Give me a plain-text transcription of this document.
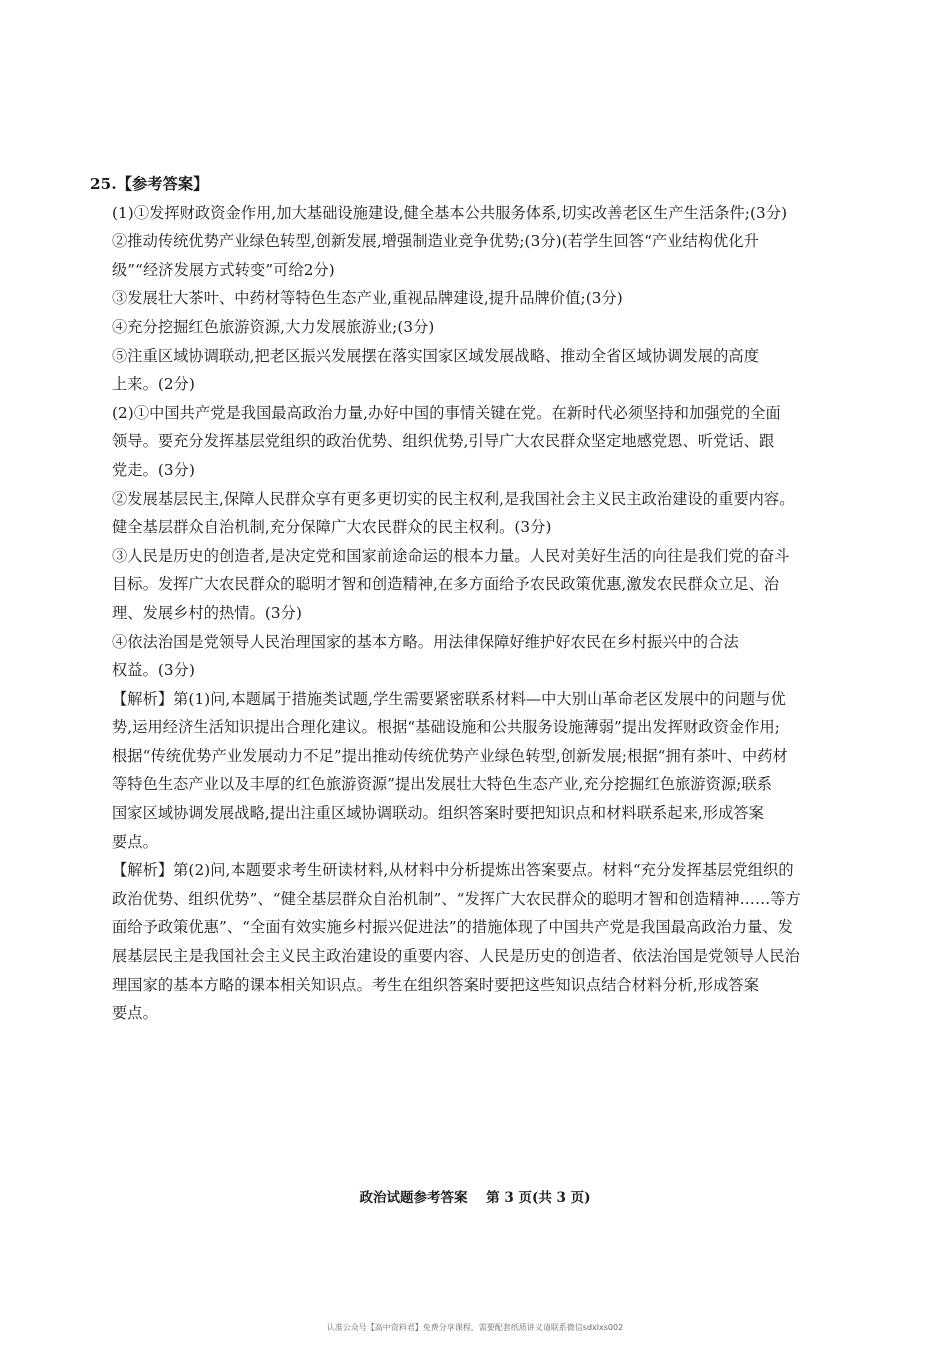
25.【参考答案】
(1)①发挥财政资金作用,加大基础设施建设,健全基本公共服务体系,切实改善老区生产生活条件;(3分)
②推动传统优势产业绿色转型,创新发展,增强制造业竞争优势;(3分)(若学生回答“产业结构优化升
级”“经济发展方式转变”可给2分)
③发展壮大茶叶、中药材等特色生态产业,重视品牌建设,提升品牌价值;(3分)
④充分挖掘红色旅游资源,大力发展旅游业;(3分)
⑤注重区域协调联动,把老区振兴发展摆在落实国家区域发展战略、推动全省区域协调发展的高度
上来。(2分)
(2)①中国共产党是我国最高政治力量,办好中国的事情关键在党。在新时代必须坚持和加强党的全面
领导。要充分发挥基层党组织的政治优势、组织优势,引导广大农民群众坚定地感党恩、听党话、跟
党走。(3分)
②发展基层民主,保障人民群众享有更多更切实的民主权利,是我国社会主义民主政治建设的重要内容。
健全基层群众自治机制,充分保障广大农民群众的民主权利。(3分)
③人民是历史的创造者,是决定党和国家前途命运的根本力量。人民对美好生活的向往是我们党的奋斗
目标。发挥广大农民群众的聪明才智和创造精神,在多方面给予农民政策优惠,激发农民群众立足、治
理、发展乡村的热情。(3分)
④依法治国是党领导人民治理国家的基本方略。用法律保障好维护好农民在乡村振兴中的合法
权益。(3分)
【解析】第(1)问,本题属于措施类试题,学生需要紧密联系材料—中大别山革命老区发展中的问题与优
势,运用经济生活知识提出合理化建议。根据“基础设施和公共服务设施薄弱”提出发挥财政资金作用;
根据“传统优势产业发展动力不足”提出推动传统优势产业绿色转型,创新发展;根据“拥有茶叶、中药材
等特色生态产业以及丰厚的红色旅游资源”提出发展壮大特色生态产业,充分挖掘红色旅游资源;联系
国家区域协调发展战略,提出注重区域协调联动。组织答案时要把知识点和材料联系起来,形成答案
要点。
【解析】第(2)问,本题要求考生研读材料,从材料中分析提炼出答案要点。材料“充分发挥基层党组织的
政治优势、组织优势”、“健全基层群众自治机制”、“发挥广大农民群众的聪明才智和创造精神……等方
面给予政策优惠”、“全面有效实施乡村振兴促进法”的措施体现了中国共产党是我国最高政治力量、发
展基层民主是我国社会主义民主政治建设的重要内容、人民是历史的创造者、依法治国是党领导人民治
理国家的基本方略的课本相关知识点。考生在组织答案时要把这些知识点结合材料分析,形成答案
要点。
政治试题参考答案 第 3 页(共 3 页)
认准公众号【高中资料君】免费分享课程，需要配套纸质讲义请联系微信sdxlxs002
